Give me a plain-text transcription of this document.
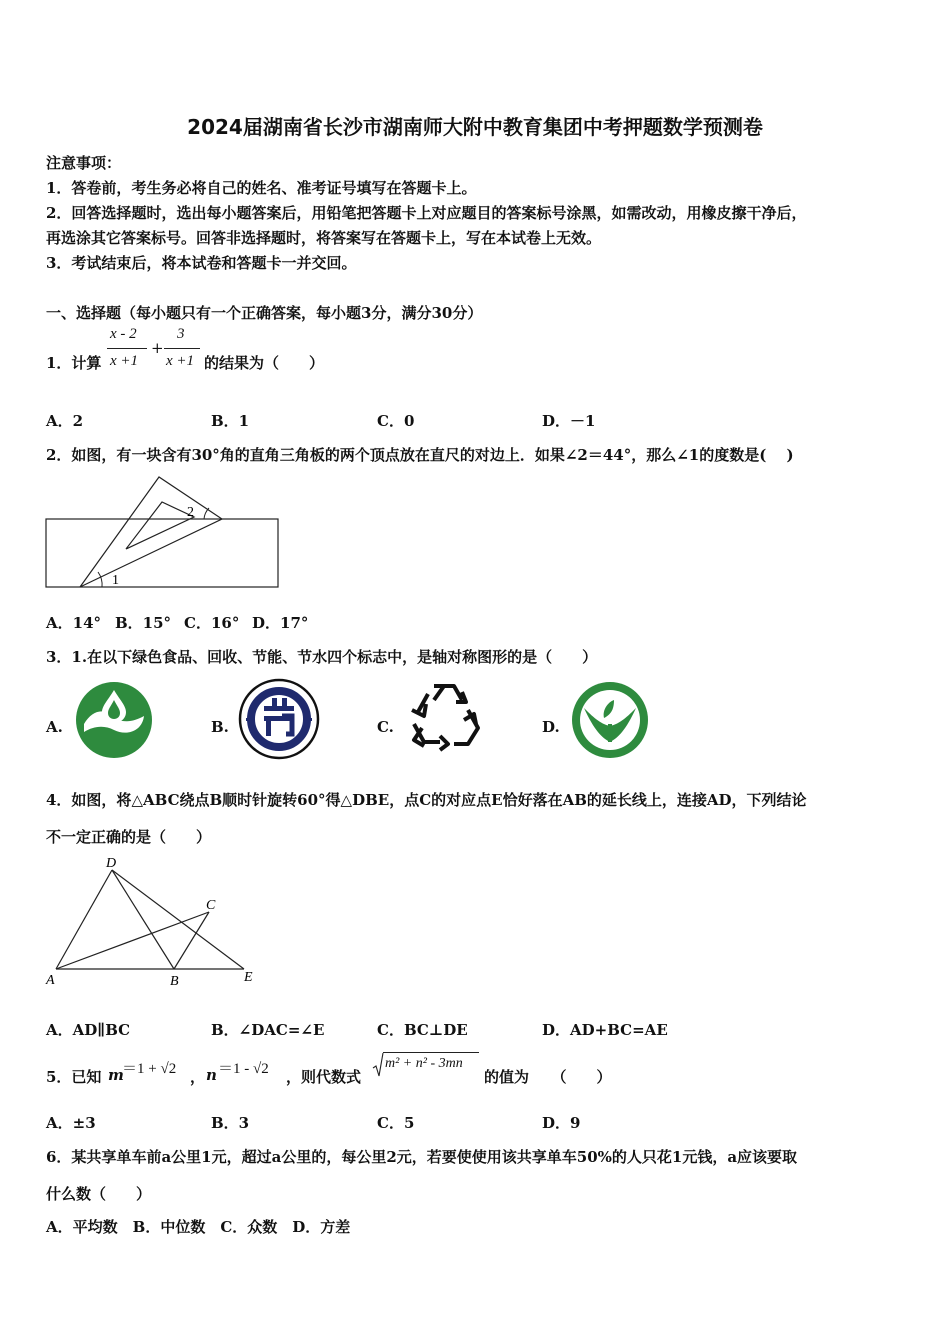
2024届湖南省长沙市湖南师大附中教育集团中考押题数学预测卷
注意事项：
1．答卷前，考生务必将自己的姓名、准考证号填写在答题卡上。
2．回答选择题时，选出每小题答案后，用铅笔把答题卡上对应题目的答案标号涂黑，如需改动，用橡皮擦干净后，
再选涂其它答案标号。回答非选择题时，将答案写在答题卡上，写在本试卷上无效。
3．考试结束后，将本试卷和答题卡一并交回。
一、选择题（每小题只有一个正确答案，每小题3分，满分30分）
1．计算
x - 2
x +1
+
3
x +1 的结果为（　　）
A．2	B．1	C．0	D．－1
2．如图，有一块含有30°角的直角三角板的两个顶点放在直尺的对边上．如果∠2＝44°，那么∠1的度数是(　 )
1
2
A．14° B．15° C．16° D．17°
3．1.在以下绿色食品、回收、节能、节水四个标志中，是轴对称图形的是（　　）
A.	B.	C.	D.
4．如图，将△ABC绕点B顺时针旋转60°得△DBE，点C的对应点E恰好落在AB的延长线上，连接AD，下列结论
不一定正确的是（　　）
D
C
A	B	E
A．AD∥BC	B．∠DAC=∠E	C．BC⊥DE	D．AD+BC=AE
5．已知 m
＝1 + √2 ， n ＝1 - √2 ，则代数式
m² + n² - 3mn
的值为　　（　　）
A．±3	B．3	C．5	D．9
6．某共享单车前a公里1元，超过a公里的，每公里2元，若要使使用该共享单车50%的人只花1元钱，a应该要取
什么数（　　）
A．平均数　B．中位数　C．众数　D．方差
